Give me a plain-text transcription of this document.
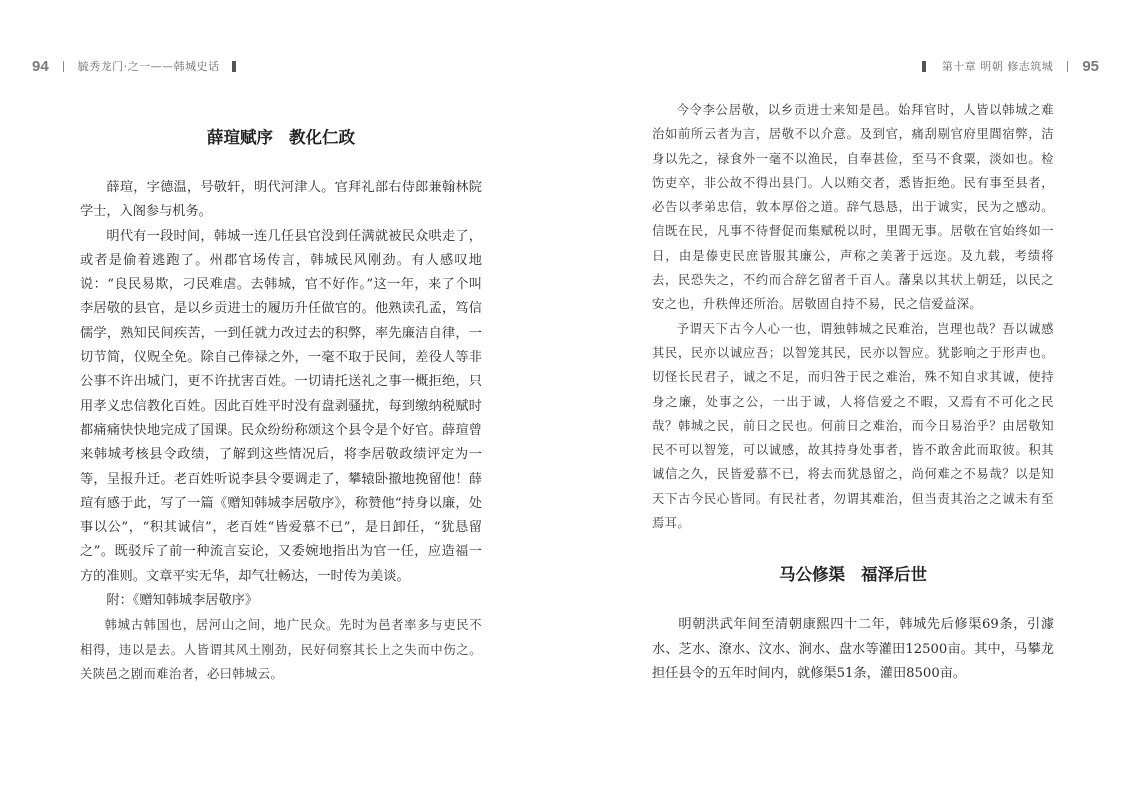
94	毓秀龙门·之一——韩城史话
薛瑄赋序 教化仁政

薛瑄，字德温，号敬轩，明代河津人。官拜礼部右侍郎兼翰林院学士，入阁参与机务。

明代有一段时间，韩城一连几任县官没到任满就被民众哄走了，或者是偷着逃跑了。州郡官场传言，韩城民风刚劲。有人感叹地说：“良民易欺，刁民难虐。去韩城，官不好作。”这一年，来了个叫李居敬的县官，是以乡贡进士的履历升任做官的。他熟读孔孟，笃信儒学，熟知民间疾苦，一到任就力改过去的积弊，率先廉洁自律，一切节简，仪贶全免。除自己俸禄之外，一毫不取于民间，差役人等非公事不许出城门，更不许扰害百姓。一切请托送礼之事一概拒绝，只用孝义忠信教化百姓。因此百姓平时没有盘剥骚扰，每到缴纳税赋时都痛痛快快地完成了国课。民众纷纷称颂这个县令是个好官。薛瑄曾来韩城考核县令政绩，了解到这些情况后，将李居敬政绩评定为一等，呈报升迁。老百姓听说李县令要调走了，攀辕卧撤地挽留他！薛瑄有感于此，写了一篇《赠知韩城李居敬序》，称赞他“持身以廉，处事以公”，“积其诚信”，老百姓“皆爱慕不已”，是日卸任，“犹恳留之”。既驳斥了前一种流言妄论，又委婉地指出为官一任，应造福一方的准则。文章平实无华，却气壮畅达，一时传为美谈。

附：《赠知韩城李居敬序》

韩城古韩国也，居河山之间，地广民众。先时为邑者率多与吏民不相得，违以是去。人皆谓其风土刚劲，民好伺察其长上之失而中伤之。关陕邑之剧而难治者，必曰韩城云。

第十章 明朝 修志筑城 95

今令李公居敬，以乡贡进士来知是邑。始拜官时，人皆以韩城之难治如前所云者为言，居敬不以介意。及到官，痛刮剔官府里閭宿弊，洁身以先之，禄食外一毫不以渔民，自奉甚俭，至马不食粟，淡如也。检饬吏卒，非公故不得出县门。人以贿交者，悉皆拒绝。民有事至县者，必告以孝弟忠信，敦本厚俗之道。辞气恳恳，出于诚实，民为之感动。信既在民，凡事不待督促而集赋税以时，里閭无事。居敬在官始终如一日，由是傣吏民庶皆服其廉公，声称之美著于远迩。及九载，考绩将去，民恐失之，不约而合辞乞留者千百人。藩臬以其状上朝廷，以民之安之也，升秩俾还所治。居敬固自持不易，民之信爱益深。

予谓天下古今人心一也，谓独韩城之民难治，岂理也哉？吾以诚感其民，民亦以诚应吾；以智笼其民，民亦以智应。犹影响之于形声也。切怪长民君子，诚之不足，而归咎于民之难治，殊不知自求其诚，使持身之廉，处事之公，一出于诚，人将信爱之不暇，又焉有不可化之民哉？韩城之民，前日之民也。何前日之难治，而今日易治乎？由居敬知民不可以智笼，可以诚感，故其持身处事者，皆不敢舍此而取彼。积其诚信之久，民皆爱慕不已，将去而犹恳留之，尚何难之不易哉？以是知天下古今民心皆同。有民社者，勿谓其难治，但当责其治之之诚未有至焉耳。

马公修渠 福泽后世

明朝洪武年间至清朝康熙四十二年，韩城先后修渠69条，引澽水、芝水、潦水、汶水、涧水、盘水等灌田12500亩。其中，马攀龙担任县令的五年时间内，就修渠51条，灌田8500亩。
